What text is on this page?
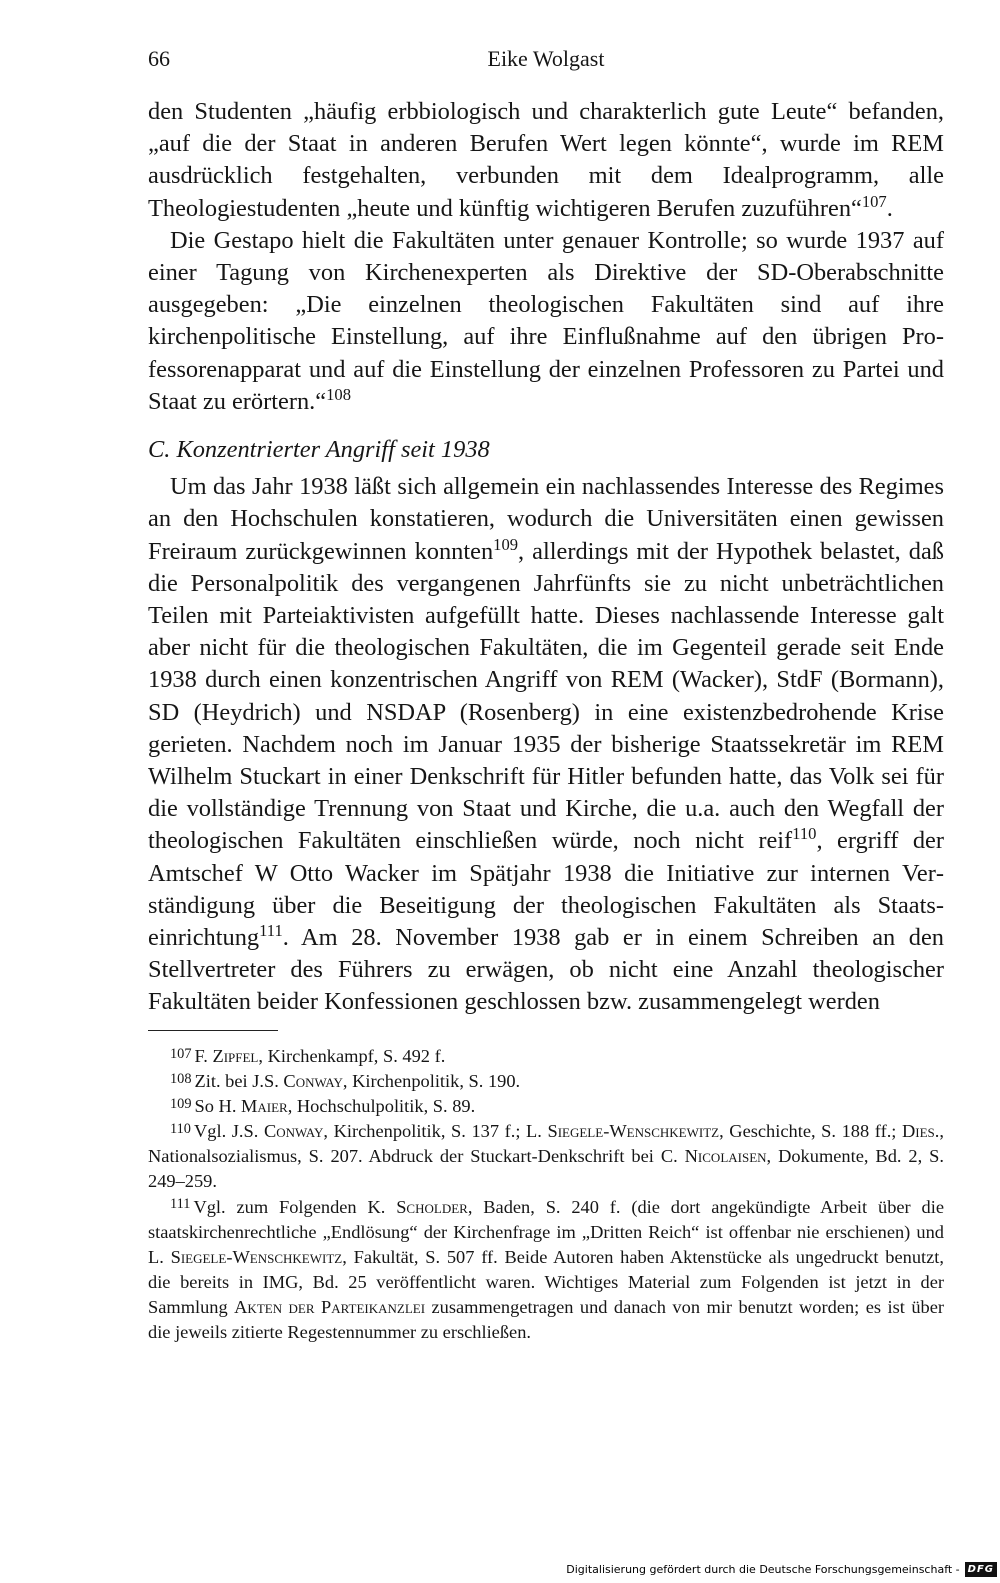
66	Eike Wolgast

den Studenten „häufig erbbiologisch und charakterlich gute Leute“ befanden, „auf die der Staat in anderen Berufen Wert legen könnte“, wurde im REM ausdrücklich festgehalten, verbunden mit dem Idealprogramm, alle Theologiestudenten „heute und künftig wichtigeren Berufen zuzuführen“$^{107}$.

Die Gestapo hielt die Fakultäten unter genauer Kontrolle; so wurde 1937 auf einer Tagung von Kirchenexperten als Direktive der SD-Oberabschnitte ausgegeben: „Die einzelnen theologischen Fakultäten sind auf ihre kirchenpolitische Einstellung, auf ihre Einflußnahme auf den übrigen Professorenapparat und auf die Einstellung der einzelnen Professoren zu Partei und Staat zu erörtern.“$^{108}$

C. Konzentrierter Angriff seit 1938

Um das Jahr 1938 läßt sich allgemein ein nachlassendes Interesse des Regimes an den Hochschulen konstatieren, wodurch die Universitäten einen gewissen Freiraum zurückgewinnen konnten$^{109}$, allerdings mit der Hypothek belastet, daß die Personalpolitik des vergangenen Jahrfünfts sie zu nicht unbeträchtlichen Teilen mit Parteiaktivisten aufgefüllt hatte. Dieses nachlassende Interesse galt aber nicht für die theologischen Fakultäten, die im Gegenteil gerade seit Ende 1938 durch einen konzentrischen Angriff von REM (Wacker), StdF (Bormann), SD (Heydrich) und NSDAP (Rosenberg) in eine existenzbedrohende Krise gerieten. Nachdem noch im Januar 1935 der bisherige Staatssekretär im REM Wilhelm Stuckart in einer Denkschrift für Hitler befunden hatte, das Volk sei für die vollständige Trennung von Staat und Kirche, die u.a. auch den Wegfall der theologischen Fakultäten einschließen würde, noch nicht reif$^{110}$, ergriff der Amtschef W Otto Wacker im Spätjahr 1938 die Initiative zur internen Verständigung über die Beseitigung der theologischen Fakultäten als Staatseinrichtung$^{111}$. Am 28. November 1938 gab er in einem Schreiben an den Stellvertreter des Führers zu erwägen, ob nicht eine Anzahl theologischer Fakultäten beider Konfessionen geschlossen bzw. zusammengelegt werden

$^{107}$ F. Zipfel, Kirchenkampf, S. 492 f.

$^{108}$ Zit. bei J.S. Conway, Kirchenpolitik, S. 190.

$^{109}$ So H. Maier, Hochschulpolitik, S. 89.

$^{110}$ Vgl. J.S. Conway, Kirchenpolitik, S. 137 f.; L. Siegele-Wenschkewitz, Geschichte, S. 188 ff.; Dies., Nationalsozialismus, S. 207. Abdruck der Stuckart-Denkschrift bei C. Nicolaisen, Dokumente, Bd. 2, S. 249–259.

$^{111}$ Vgl. zum Folgenden K. Scholder, Baden, S. 240 f. (die dort angekündigte Arbeit über die staatskirchenrechtliche „Endlösung“ der Kirchenfrage im „Dritten Reich“ ist offenbar nie erschienen) und L. Siegele-Wenschkewitz, Fakultät, S. 507 ff. Beide Autoren haben Aktenstücke als ungedruckt benutzt, die bereits in IMG, Bd. 25 veröffentlicht waren. Wichtiges Material zum Folgenden ist jetzt in der Sammlung Akten der Parteikanzlei zusammengetragen und danach von mir benutzt worden; es ist über die jeweils zitierte Regestennummer zu erschließen.

Digitalisierung gefördert durch die Deutsche Forschungsgemeinschaft - DFG
